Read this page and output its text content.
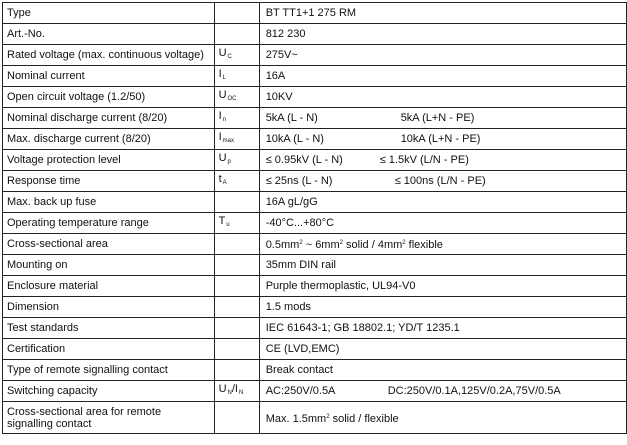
Type		BT TT1+1 275 RM
Art.-No.		812 230
Rated voltage (max. continuous voltage)	$U_C$	275V~
Nominal current	$I_L$	16A
Open circuit voltage (1.2/50)	$U_{OC}$	10KV
Nominal discharge current (8/20)	$I_n$	5kA (L - N) 5kA (L+N - PE)
Max. discharge current (8/20)	$I_{max}$	10kA (L - N) 10kA (L+N - PE)
Voltage protection level	$U_p$	≤ 0.95kV (L - N) ≤ 1.5kV (L/N - PE)
Response time	$t_A$	≤ 25ns (L - N) ≤ 100ns (L/N - PE)
Max. back up fuse		16A gL/gG
Operating temperature range	$T_u$	-40°C...+80°C
Cross-sectional area		$0.5mm^2$ ~ $6mm^2$ solid / $4mm^2$ flexible
Mounting on		35mm DIN rail
Enclosure material		Purple thermoplastic, UL94-V0
Dimension		1.5 mods
Test standards		IEC 61643-1; GB 18802.1; YD/T 1235.1
Certification		CE (LVD,EMC)
Type of remote signalling contact		Break contact
Switching capacity	$U_N/I_N$	AC:250V/0.5A DC:250V/0.1A,125V/0.2A,75V/0.5A
Cross-sectional area for remote signalling contact		Max. $1.5mm^2$ solid / flexible
